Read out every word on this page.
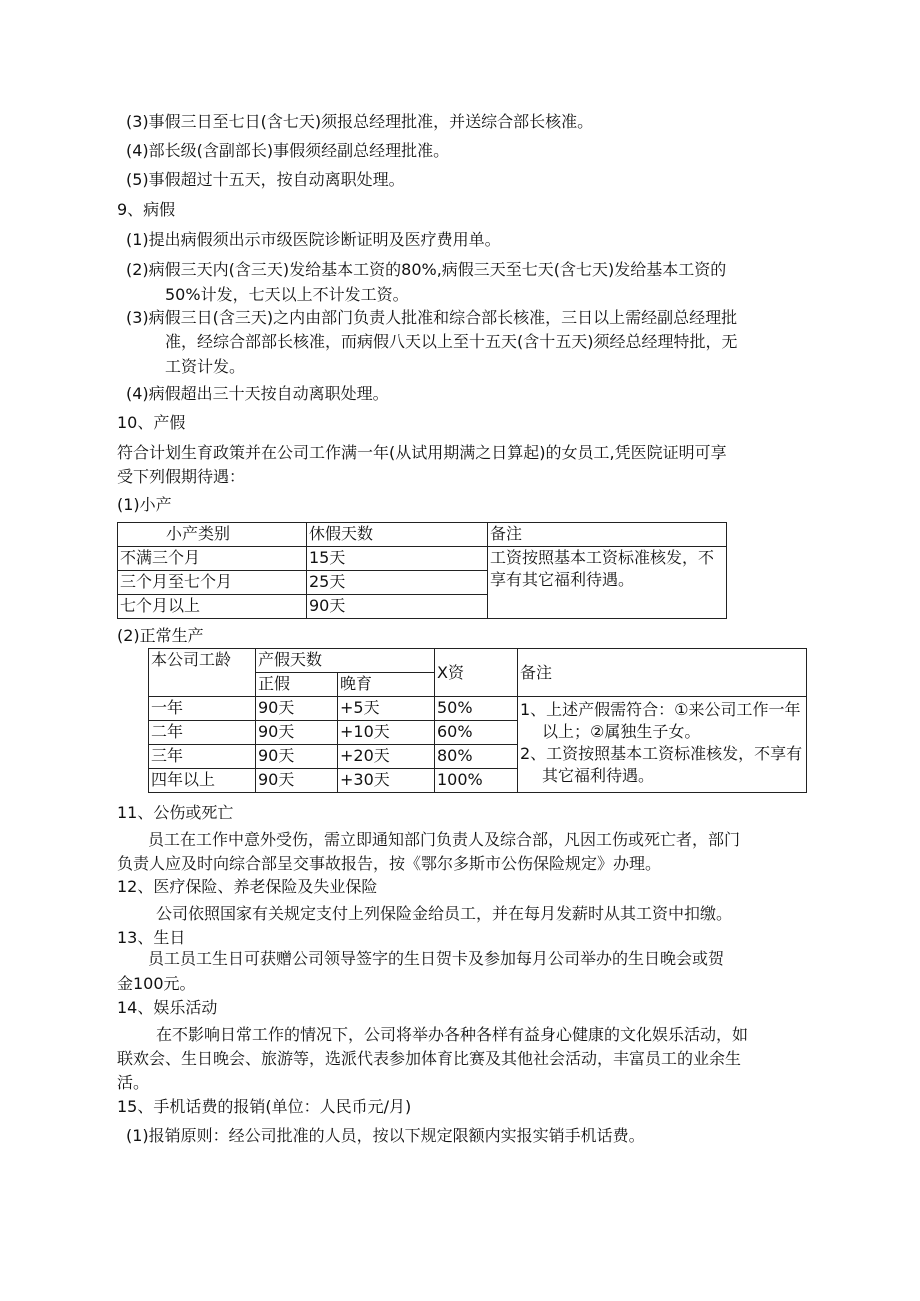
(3)事假三日至七日(含七天)须报总经理批准，并送综合部长核准。
(4)部长级(含副部长)事假须经副总经理批准。
(5)事假超过十五天，按自动离职处理。
9、病假
(1)提出病假须出示市级医院诊断证明及医疗费用单。
(2)病假三天内(含三天)发给基本工资的80%,病假三天至七天(含七天)发给基本工资的
50%计发，七天以上不计发工资。
(3)病假三日(含三天)之内由部门负责人批准和综合部长核准，三日以上需经副总经理批
准，经综合部部长核准，而病假八天以上至十五天(含十五天)须经总经理特批，无
工资计发。
(4)病假超出三十天按自动离职处理。
10、产假
符合计划生育政策并在公司工作满一年(从试用期满之日算起)的女员工,凭医院证明可享
受下列假期待遇：
(1)小产
小产类别	休假天数	备注
不满三个月	15天	工资按照基本工资标准核发，不享有其它福利待遇。
三个月至七个月	25天	
七个月以上	90天	
(2)正常生产
本公司工龄	产假天数		X资	备注
	正假	晚育		
一年	90天	+5天	50%	1、上述产假需符合：①来公司工作一年以上；②属独生子女。
2、工资按照基本工资标准核发，不享有其它福利待遇。

二年	90天	+10天	60%	
三年	90天	+20天	80%	
四年以上	90天	+30天	100%	
11、公伤或死亡
员工在工作中意外受伤，需立即通知部门负责人及综合部，凡因工伤或死亡者，部门
负责人应及时向综合部呈交事故报告，按《鄂尔多斯市公伤保险规定》办理。
12、医疗保险、养老保险及失业保险
公司依照国家有关规定支付上列保险金给员工，并在每月发薪时从其工资中扣缴。
13、生日
员工员工生日可获赠公司领导签字的生日贺卡及参加每月公司举办的生日晚会或贺
金100元。
14、娱乐活动
在不影响日常工作的情况下，公司将举办各种各样有益身心健康的文化娱乐活动，如
联欢会、生日晚会、旅游等，选派代表参加体育比赛及其他社会活动，丰富员工的业余生
活。
15、手机话费的报销(单位：人民币元/月)
(1)报销原则：经公司批准的人员，按以下规定限额内实报实销手机话费。
